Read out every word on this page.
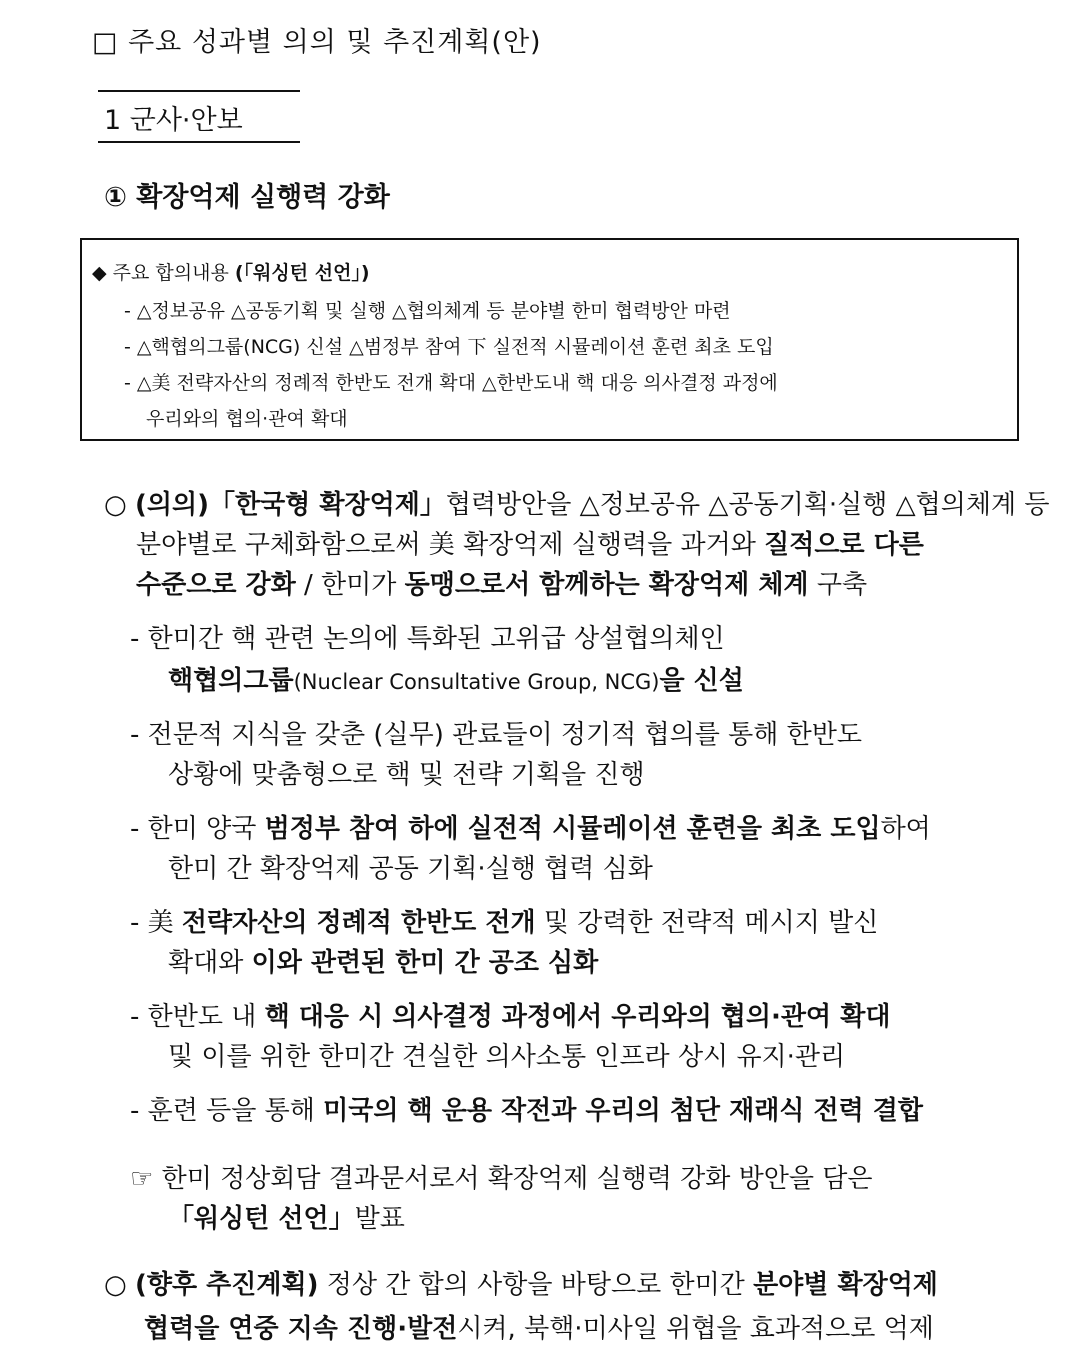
□ 주요 성과별 의의 및 추진계획(안)
1 군사·안보
① 확장억제 실행력 강화
◆ 주요 합의내용 (「워싱턴 선언」)
- △정보공유 △공동기획 및 실행 △협의체계 등 분야별 한미 협력방안 마련
- △핵협의그룹(NCG) 신설 △범정부 참여 下 실전적 시뮬레이션 훈련 최초 도입
- △美 전략자산의 정례적 한반도 전개 확대 △한반도내 핵 대응 의사결정 과정에
우리와의 협의·관여 확대
○ (의의)「한국형 확장억제」협력방안을 △정보공유 △공동기획·실행 △협의체계 등
분야별로 구체화함으로써 美 확장억제 실행력을 과거와 질적으로 다른
수준으로 강화 / 한미가 동맹으로서 함께하는 확장억제 체계 구축
- 한미간 핵 관련 논의에 특화된 고위급 상설협의체인
핵협의그룹(Nuclear Consultative Group, NCG)을 신설
- 전문적 지식을 갖춘 (실무) 관료들이 정기적 협의를 통해 한반도
상황에 맞춤형으로 핵 및 전략 기획을 진행
- 한미 양국 범정부 참여 하에 실전적 시뮬레이션 훈련을 최초 도입하여
한미 간 확장억제 공동 기획·실행 협력 심화
- 美 전략자산의 정례적 한반도 전개 및 강력한 전략적 메시지 발신
확대와 이와 관련된 한미 간 공조 심화
- 한반도 내 핵 대응 시 의사결정 과정에서 우리와의 협의·관여 확대
및 이를 위한 한미간 견실한 의사소통 인프라 상시 유지·관리
- 훈련 등을 통해 미국의 핵 운용 작전과 우리의 첨단 재래식 전력 결합
☞ 한미 정상회담 결과문서로서 확장억제 실행력 강화 방안을 담은
「워싱턴 선언」발표
○ (향후 추진계획) 정상 간 합의 사항을 바탕으로 한미간 분야별 확장억제
협력을 연중 지속 진행·발전시켜, 북핵·미사일 위협을 효과적으로 억제
